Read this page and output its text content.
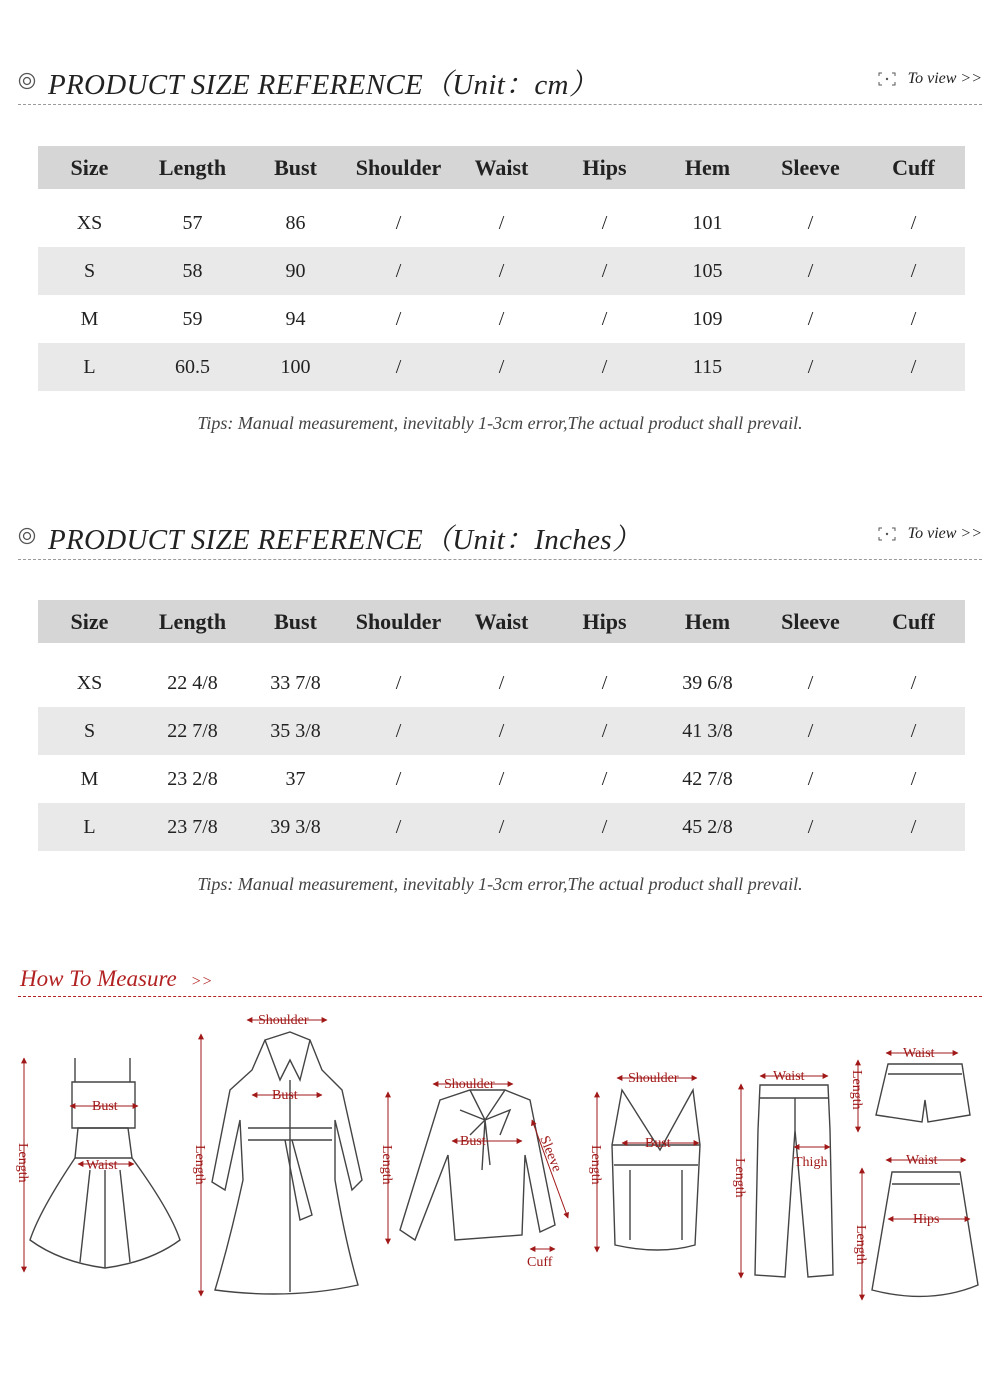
PRODUCT SIZE REFERENCE（Unit：cm）	To view >>
Size	Length	Bust	Shoulder	Waist	Hips	Hem	Sleeve	Cuff

XS	57	86	/	/	/	101	/	/
S	58	90	/	/	/	105	/	/
M	59	94	/	/	/	109	/	/
L	60.5	100	/	/	/	115	/	/
Tips: Manual measurement, inevitably 1-3cm error,The actual product shall prevail.
PRODUCT SIZE REFERENCE（Unit：Inches）	To view >>
Size	Length	Bust	Shoulder	Waist	Hips	Hem	Sleeve	Cuff

XS	22 4/8	33 7/8	/	/	/	39 6/8	/	/
S	22 7/8	35 3/8	/	/	/	41 3/8	/	/
M	23 2/8	37	/	/	/	42 7/8	/	/
L	23 7/8	39 3/8	/	/	/	45 2/8	/	/
Tips: Manual measurement, inevitably 1-3cm error,The actual product shall prevail.
How To Measure >>
Bust
Waist
Length
Shoulder
Bust
Length
Shoulder
Bust
Length	Sleeve
Cuff
Shoulder
Bust
Length
Waist
Thigh
Length
Waist
Length
Waist
Hips
Length
